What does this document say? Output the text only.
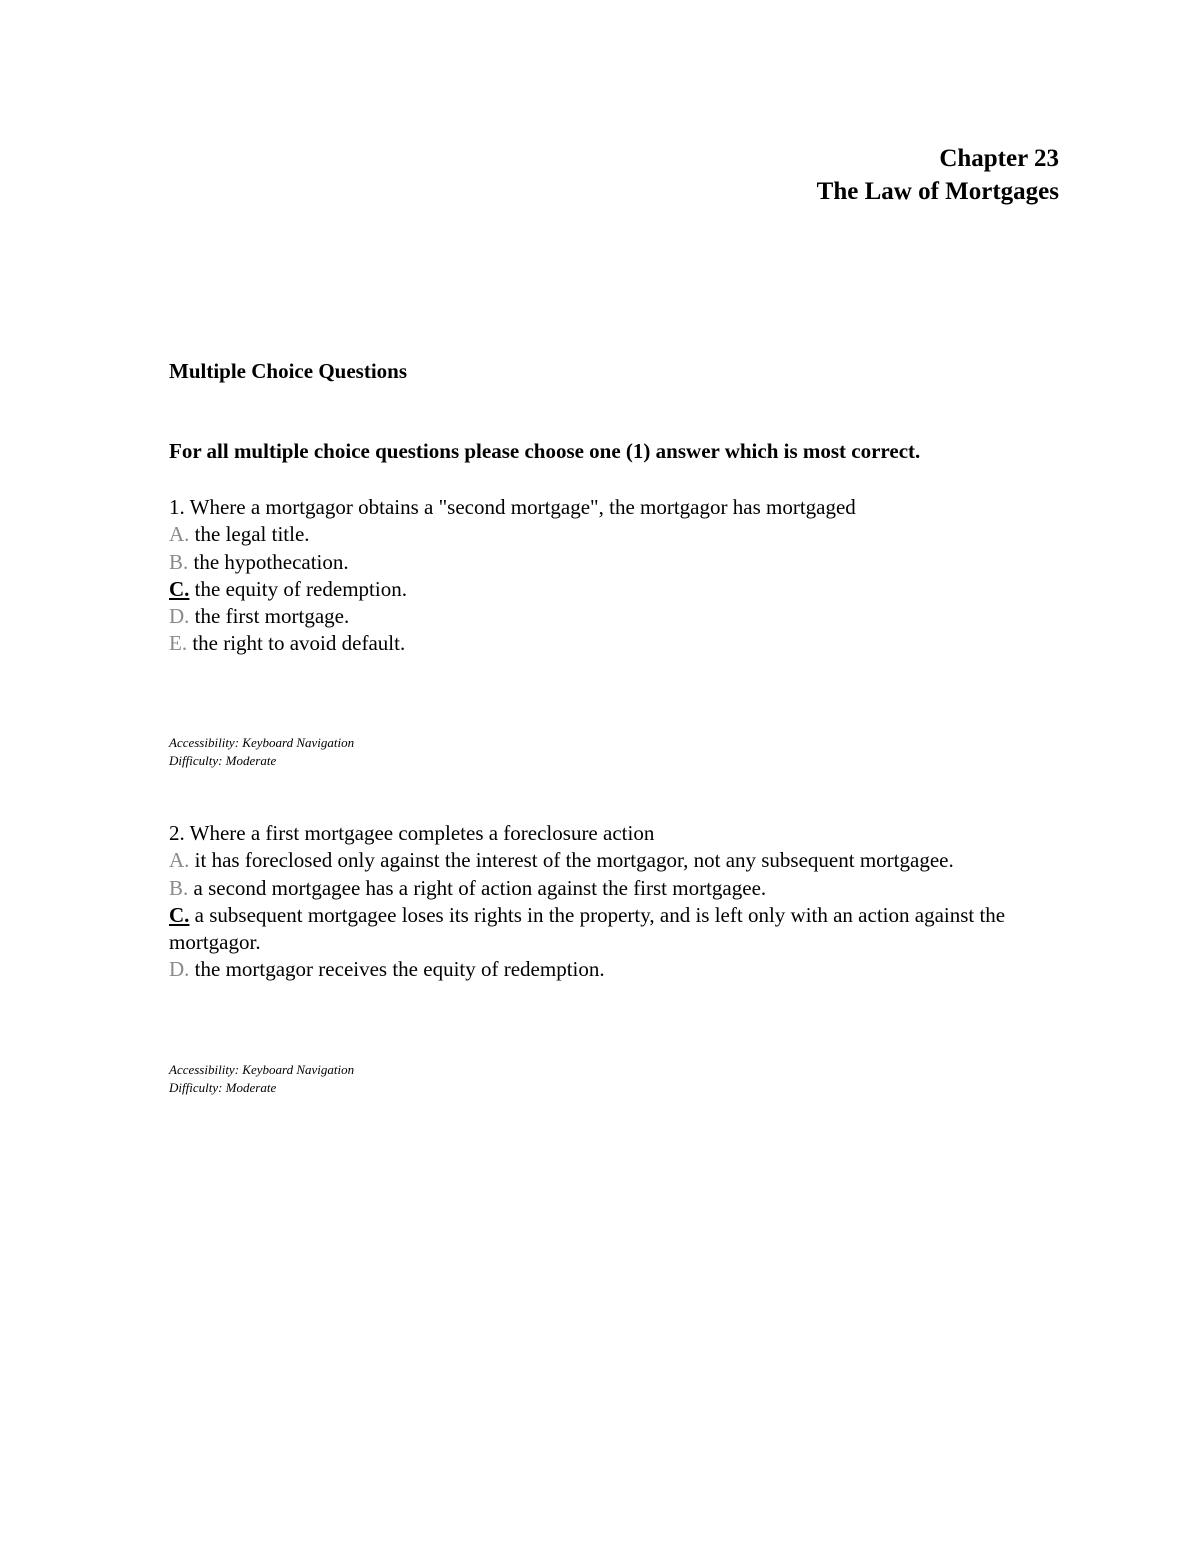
Chapter 23
The Law of Mortgages
Multiple Choice Questions
For all multiple choice questions please choose one (1) answer which is most correct.

1. Where a mortgagor obtains a "second mortgage", the mortgagor has mortgaged

A. the legal title.

B. the hypothecation.

C. the equity of redemption.

D. the first mortgage.

E. the right to avoid default.

Accessibility: Keyboard Navigation
Difficulty: Moderate

2. Where a first mortgagee completes a foreclosure action

A. it has foreclosed only against the interest of the mortgagor, not any subsequent mortgagee.

B. a second mortgagee has a right of action against the first mortgagee.

C. a subsequent mortgagee loses its rights in the property, and is left only with an action against the mortgagor.

D. the mortgagor receives the equity of redemption.

Accessibility: Keyboard Navigation
Difficulty: Moderate
